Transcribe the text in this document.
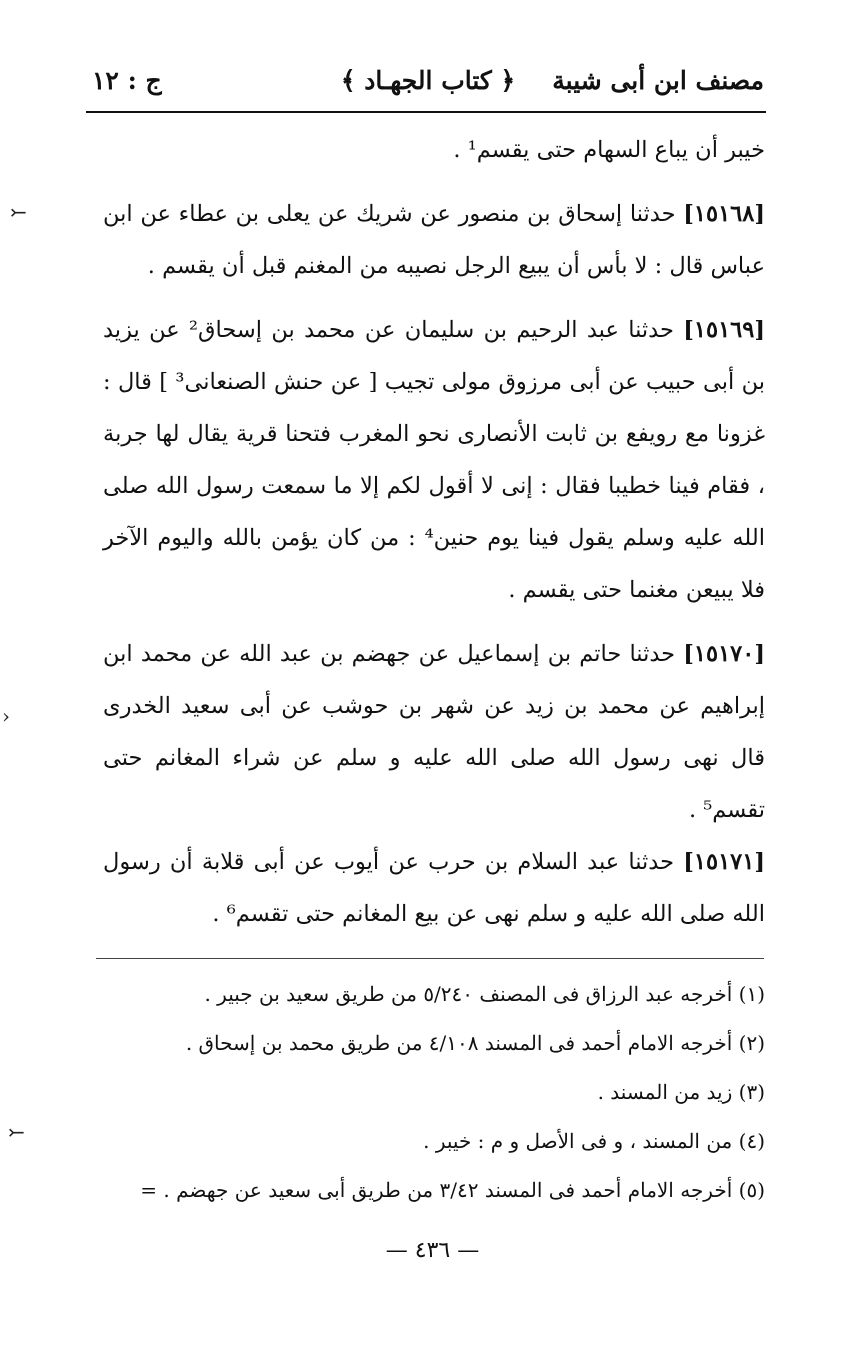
مصنف ابن أبى شيبة
﴿ كتاب الجهـاد ﴾
ج : ١٢

خيبر أن يباع السهام حتى يقسم¹ .

[١٥١٦٨] حدثنا إسحاق بن منصور عن شريك عن يعلى بن عطاء عن ابن عباس قال : لا بأس أن يبيع الرجل نصيبه من المغنم قبل أن يقسم .

[١٥١٦٩] حدثنا عبد الرحيم بن سليمان عن محمد بن إسحاق² عن يزيد بن أبى حبيب عن أبى مرزوق مولى تجيب [ عن حنش الصنعانى³ ] قال : غزونا مع رويفع بن ثابت الأنصارى نحو المغرب فتحنا قرية يقال لها جربة ، فقام فينا خطيبا فقال : إنى لا أقول لكم إلا ما سمعت رسول الله صلى الله عليه وسلم يقول فينا يوم حنين⁴ : من كان يؤمن بالله واليوم الآخر فلا يبيعن مغنما حتى يقسم .

[١٥١٧٠] حدثنا حاتم بن إسماعيل عن جهضم بن عبد الله عن محمد ابن إبراهيم عن محمد بن زيد عن شهر بن حوشب عن أبى سعيد الخدرى قال نهى رسول الله صلى الله عليه و سلم عن شراء المغانم حتى تقسم⁵ .

[١٥١٧١] حدثنا عبد السلام بن حرب عن أيوب عن أبى قلابة أن رسول الله صلى الله عليه و سلم نهى عن بيع المغانم حتى تقسم⁶ .

(١) أخرجه عبد الرزاق فى المصنف ٥/٢٤٠ من طريق سعيد بن جبير .
(٢) أخرجه الامام أحمد فى المسند ٤/١٠٨ من طريق محمد بن إسحاق .
(٣) زيد من المسند .
(٤) من المسند ، و فى الأصل و م : خيبر .
(٥) أخرجه الامام أحمد فى المسند ٣/٤٢ من طريق أبى سعيد عن جهضم . =
— ٤٣٦ —
⤚
‹
⤚
